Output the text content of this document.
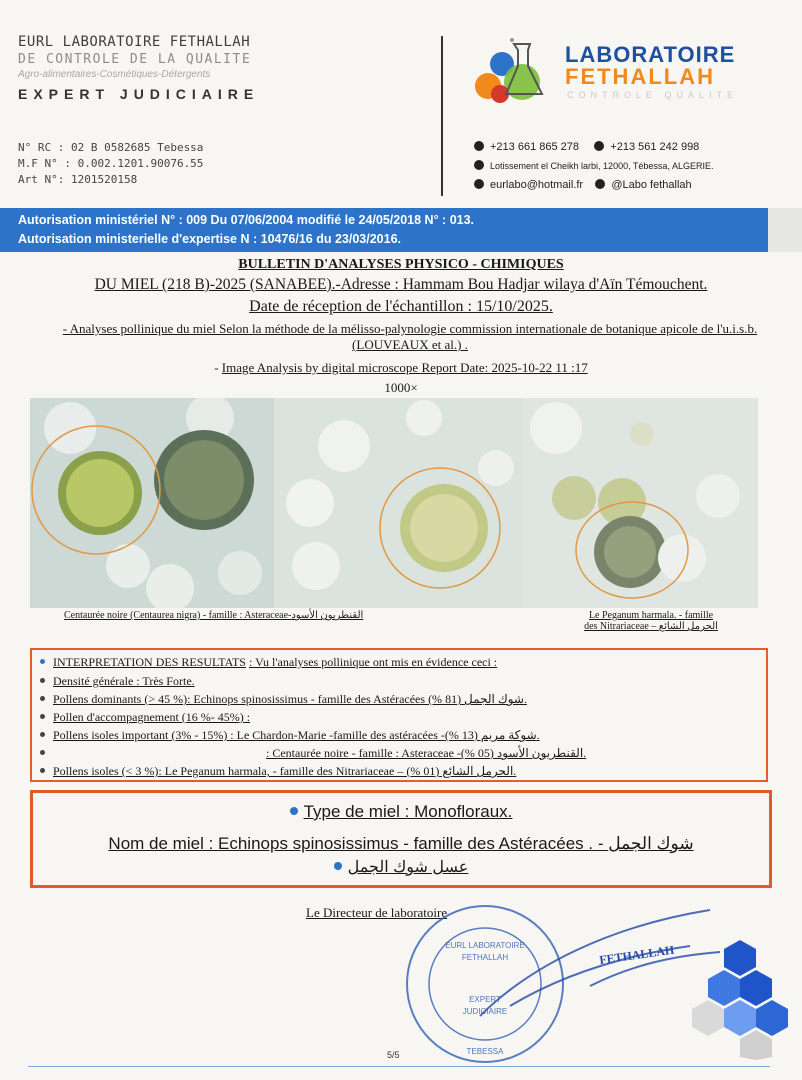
EURL LABORATOIRE FETHALLAH
DE CONTROLE DE LA QUALITE
Agro-alimentaires-Cosmétiques-Détergents
EXPERT JUDICIAIRE
N° RC : 02 B 0582685 Tebessa
M.F N° : 0.002.1201.90076.55
Art N°: 1201520158
LABORATOIRE
FETHALLAH
CONTROLE QUALITE
+213 661 865 278	+213 561 242 998
Lotissement el Cheikh larbi, 12000, Tébessa, ALGERIE.
eurlabo@hotmail.fr	@Labo fethallah
Autorisation ministériel N° : 009 Du 07/06/2004 modifié le 24/05/2018 N° : 013.
Autorisation ministerielle d'expertise N : 10476/16 du 23/03/2016.
BULLETIN D'ANALYSES PHYSICO - CHIMIQUES
DU MIEL (218 B)-2025 (SANABEE).-Adresse : Hammam Bou Hadjar wilaya d'Aïn Témouchent.
Date de réception de l'échantillon : 15/10/2025.
- Analyses pollinique du miel Selon la méthode de la mélisso-palynologie commission internationale de botanique apicole de l'u.i.s.b. (LOUVEAUX et al.) .
- Image Analysis by digital microscope Report Date: 2025-10-22 11 :17
1000×
Centaurée noire (Centaurea nigra) - famille : Asteraceae-القنطريون الأسود	Le Peganum harmala. - famille
des Nitrariaceae – الحرمل الشائع
INTERPRETATION DES RESULTATS : Vu l'analyses pollinique ont mis en évidence ceci :
Densité générale : Très Forte.
Pollens dominants (> 45 %): Echinops spinosissimus - famille des Astéracées شوك الجمل (81 %).
Pollen d'accompagnement (16 %- 45%) :
Pollens isoles important (3% - 15%) : Le Chardon-Marie -famille des astéracées -شوكة مريم (13 %).
: Centaurée noire - famille : Asteraceae -القنطريون الأسود (05 %).
Pollens isoles (< 3 %): Le Peganum harmala, - famille des Nitrariaceae – الحرمل الشائع (01 %).
Type de miel : Monofloraux.
Nom de miel : Echinops spinosissimus - famille des Astéracées . - شوك الجمل
عسل شوك الجمل
Le Directeur de laboratoire
EURL LABORATOIRE
FETHALLAH
EXPERT
JUDICIAIRE
TEBESSA
FETHALLAH
5/5
